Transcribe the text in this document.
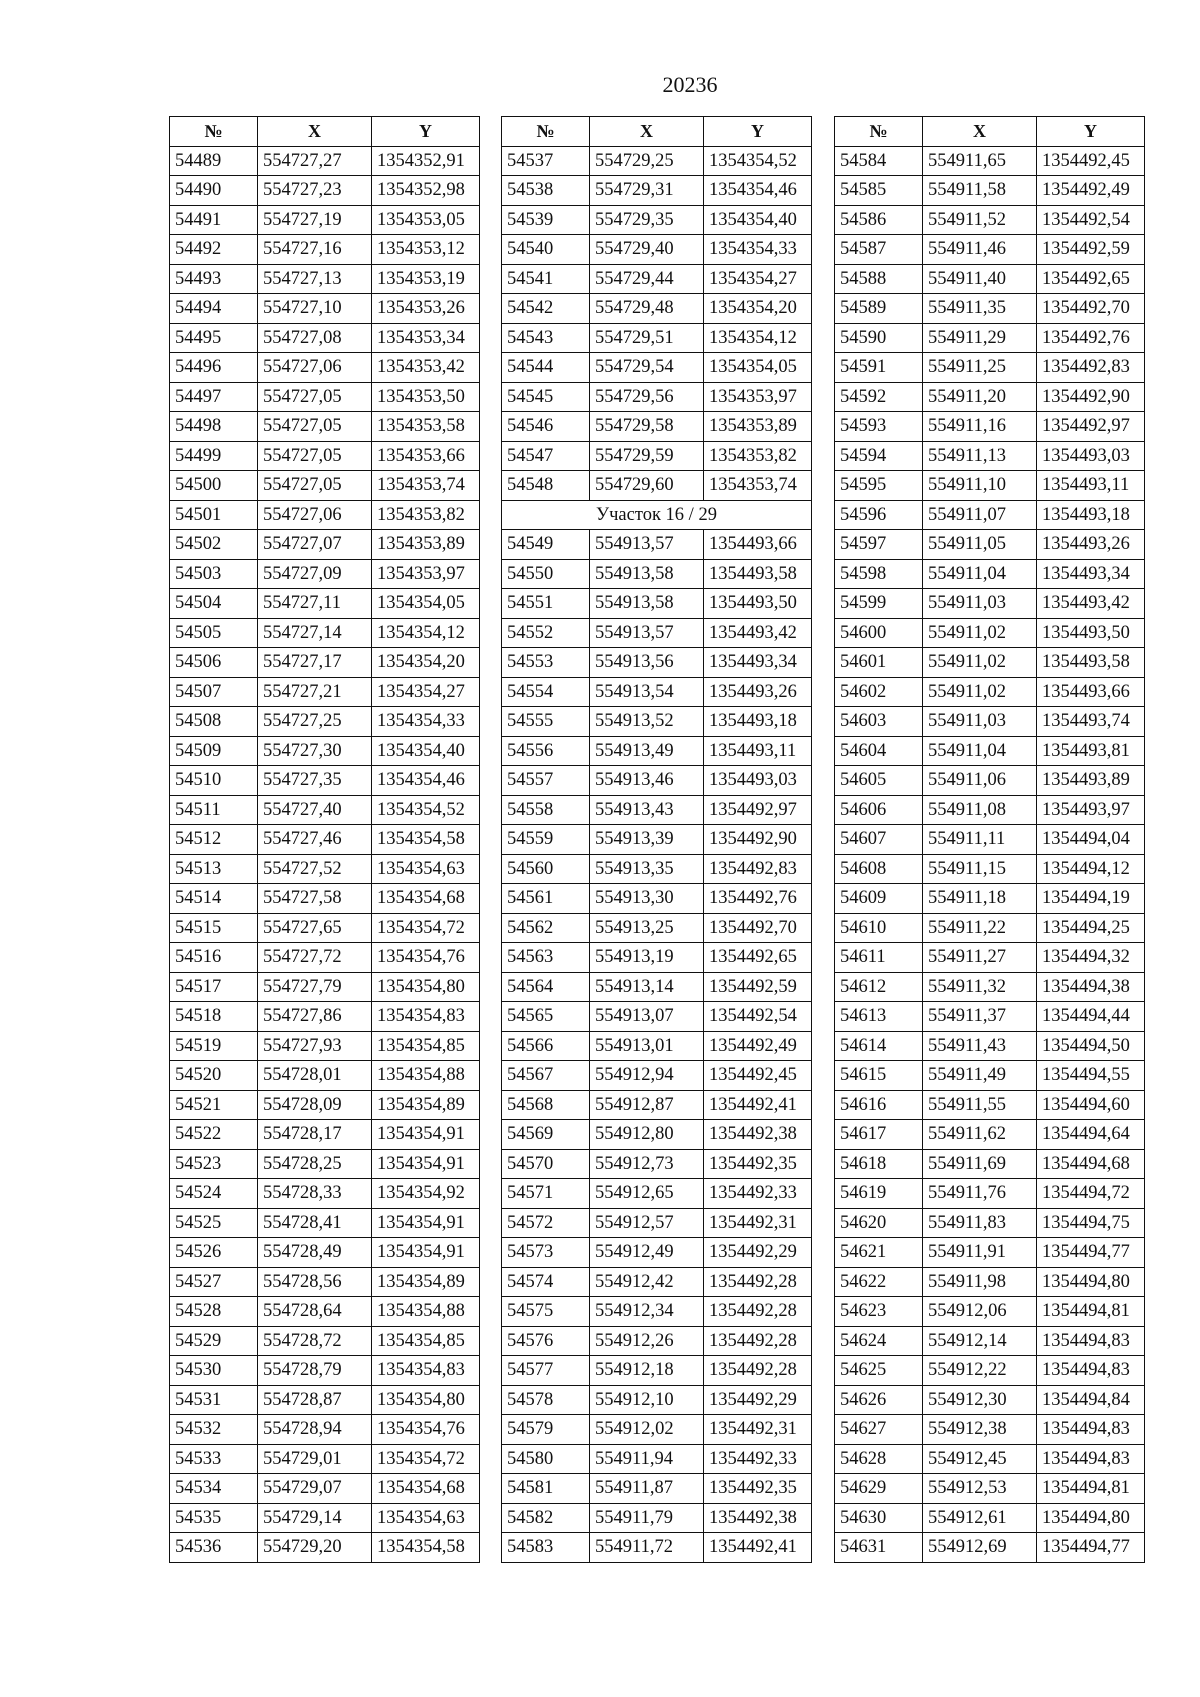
20236
№	X	Y
54489	554727,27	1354352,91
54490	554727,23	1354352,98
54491	554727,19	1354353,05
54492	554727,16	1354353,12
54493	554727,13	1354353,19
54494	554727,10	1354353,26
54495	554727,08	1354353,34
54496	554727,06	1354353,42
54497	554727,05	1354353,50
54498	554727,05	1354353,58
54499	554727,05	1354353,66
54500	554727,05	1354353,74
54501	554727,06	1354353,82
54502	554727,07	1354353,89
54503	554727,09	1354353,97
54504	554727,11	1354354,05
54505	554727,14	1354354,12
54506	554727,17	1354354,20
54507	554727,21	1354354,27
54508	554727,25	1354354,33
54509	554727,30	1354354,40
54510	554727,35	1354354,46
54511	554727,40	1354354,52
54512	554727,46	1354354,58
54513	554727,52	1354354,63
54514	554727,58	1354354,68
54515	554727,65	1354354,72
54516	554727,72	1354354,76
54517	554727,79	1354354,80
54518	554727,86	1354354,83
54519	554727,93	1354354,85
54520	554728,01	1354354,88
54521	554728,09	1354354,89
54522	554728,17	1354354,91
54523	554728,25	1354354,91
54524	554728,33	1354354,92
54525	554728,41	1354354,91
54526	554728,49	1354354,91
54527	554728,56	1354354,89
54528	554728,64	1354354,88
54529	554728,72	1354354,85
54530	554728,79	1354354,83
54531	554728,87	1354354,80
54532	554728,94	1354354,76
54533	554729,01	1354354,72
54534	554729,07	1354354,68
54535	554729,14	1354354,63
54536	554729,20	1354354,58
№	X	Y
54537	554729,25	1354354,52
54538	554729,31	1354354,46
54539	554729,35	1354354,40
54540	554729,40	1354354,33
54541	554729,44	1354354,27
54542	554729,48	1354354,20
54543	554729,51	1354354,12
54544	554729,54	1354354,05
54545	554729,56	1354353,97
54546	554729,58	1354353,89
54547	554729,59	1354353,82
54548	554729,60	1354353,74
Участок 16 / 29		
54549	554913,57	1354493,66
54550	554913,58	1354493,58
54551	554913,58	1354493,50
54552	554913,57	1354493,42
54553	554913,56	1354493,34
54554	554913,54	1354493,26
54555	554913,52	1354493,18
54556	554913,49	1354493,11
54557	554913,46	1354493,03
54558	554913,43	1354492,97
54559	554913,39	1354492,90
54560	554913,35	1354492,83
54561	554913,30	1354492,76
54562	554913,25	1354492,70
54563	554913,19	1354492,65
54564	554913,14	1354492,59
54565	554913,07	1354492,54
54566	554913,01	1354492,49
54567	554912,94	1354492,45
54568	554912,87	1354492,41
54569	554912,80	1354492,38
54570	554912,73	1354492,35
54571	554912,65	1354492,33
54572	554912,57	1354492,31
54573	554912,49	1354492,29
54574	554912,42	1354492,28
54575	554912,34	1354492,28
54576	554912,26	1354492,28
54577	554912,18	1354492,28
54578	554912,10	1354492,29
54579	554912,02	1354492,31
54580	554911,94	1354492,33
54581	554911,87	1354492,35
54582	554911,79	1354492,38
54583	554911,72	1354492,41
№	X	Y
54584	554911,65	1354492,45
54585	554911,58	1354492,49
54586	554911,52	1354492,54
54587	554911,46	1354492,59
54588	554911,40	1354492,65
54589	554911,35	1354492,70
54590	554911,29	1354492,76
54591	554911,25	1354492,83
54592	554911,20	1354492,90
54593	554911,16	1354492,97
54594	554911,13	1354493,03
54595	554911,10	1354493,11
54596	554911,07	1354493,18
54597	554911,05	1354493,26
54598	554911,04	1354493,34
54599	554911,03	1354493,42
54600	554911,02	1354493,50
54601	554911,02	1354493,58
54602	554911,02	1354493,66
54603	554911,03	1354493,74
54604	554911,04	1354493,81
54605	554911,06	1354493,89
54606	554911,08	1354493,97
54607	554911,11	1354494,04
54608	554911,15	1354494,12
54609	554911,18	1354494,19
54610	554911,22	1354494,25
54611	554911,27	1354494,32
54612	554911,32	1354494,38
54613	554911,37	1354494,44
54614	554911,43	1354494,50
54615	554911,49	1354494,55
54616	554911,55	1354494,60
54617	554911,62	1354494,64
54618	554911,69	1354494,68
54619	554911,76	1354494,72
54620	554911,83	1354494,75
54621	554911,91	1354494,77
54622	554911,98	1354494,80
54623	554912,06	1354494,81
54624	554912,14	1354494,83
54625	554912,22	1354494,83
54626	554912,30	1354494,84
54627	554912,38	1354494,83
54628	554912,45	1354494,83
54629	554912,53	1354494,81
54630	554912,61	1354494,80
54631	554912,69	1354494,77
